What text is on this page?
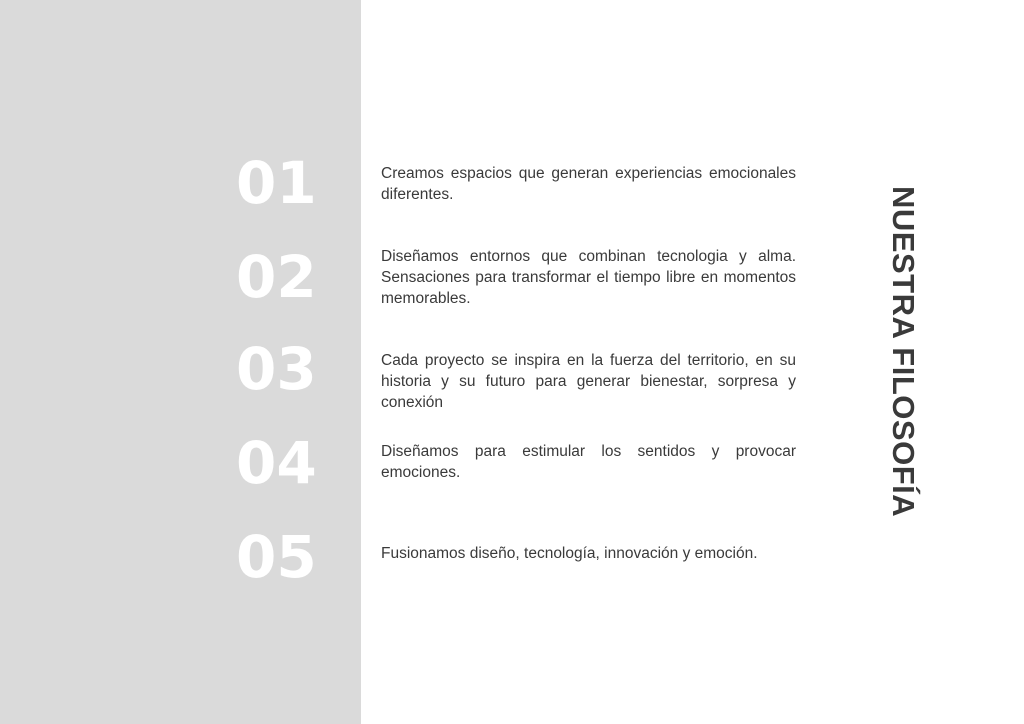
01
02
03
04
05

Creamos espacios que generan experiencias emocionales diferentes.

Diseñamos entornos que combinan tecnologia y alma. Sensaciones para transformar el tiempo libre en momentos memorables.

Cada proyecto se inspira en la fuerza del territorio, en su historia y su futuro para generar bienestar, sorpresa y conexión

Diseñamos para estimular los sentidos y provocar emociones.

Fusionamos diseño, tecnología, innovación y emoción.

NUESTRA FILOSOFÍA
